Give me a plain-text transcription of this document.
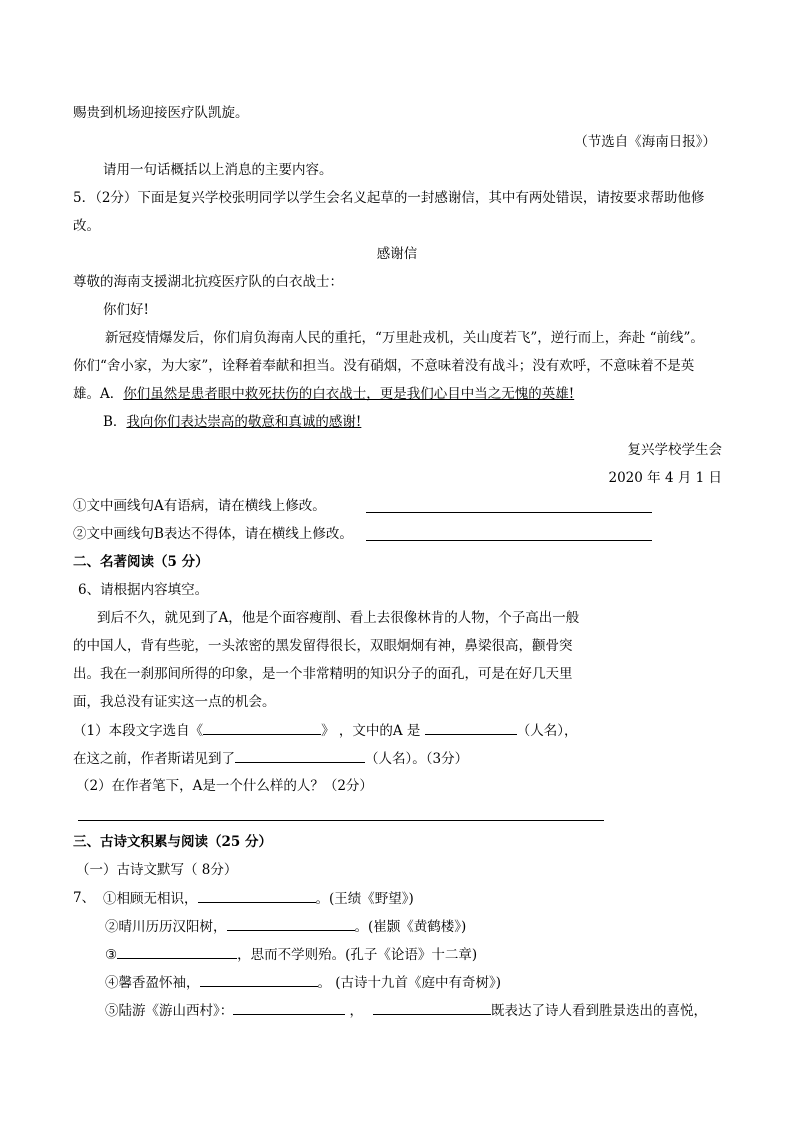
赐贵到机场迎接医疗队凯旋。
（节选自《海南日报》）
请用一句话概括以上消息的主要内容。
5．（2分）下面是复兴学校张明同学以学生会名义起草的一封感谢信，其中有两处错误，请按要求帮助他修
改。
感谢信
尊敬的海南支援湖北抗疫医疗队的白衣战士：
你们好!
新冠疫情爆发后，你们肩负海南人民的重托，“万里赴戎机，关山度若飞”，逆行而上，奔赴 “前线”。
你们“舍小家，为大家”，诠释着奉献和担当。没有硝烟，不意味着没有战斗；没有欢呼，不意味着不是英
雄。A．你们虽然是患者眼中救死扶伤的白衣战士，更是我们心目中当之无愧的英雄!
B．我向你们表达崇高的敬意和真诚的感谢!
复兴学校学生会
2020 年 4 月 1 日
①文中画线句A有语病，请在横线上修改。
②文中画线句B表达不得体，请在横线上修改。
二、名著阅读（5 分）
6、请根据内容填空。
到后不久，就见到了A，他是个面容瘦削、看上去很像林肯的人物，个子高出一般
的中国人，背有些驼，一头浓密的黑发留得很长，双眼炯炯有神，鼻梁很高，颧骨突
出。我在一刹那间所得的印象，是一个非常精明的知识分子的面孔，可是在好几天里
面，我总没有证实这一点的机会。
（1）本段文字选自《	》 ，文中的A 是	（人名），
在这之前，作者斯诺见到了	（人名）。（3分）
（2）在作者笔下，A是一个什么样的人？（2分）
三、古诗文积累与阅读（25 分）
（一）古诗文默写（ 8分）
7、 ①相顾无相识，	。(王绩《野望》)
②晴川历历汉阳树，	。(崔颢《黄鹤楼》)
③	，思而不学则殆。(孔子《论语》十二章)
④馨香盈怀袖，	。 (古诗十九首《庭中有奇树》)
⑤陆游《游山西村》：	，	既表达了诗人看到胜景迭出的喜悦，
